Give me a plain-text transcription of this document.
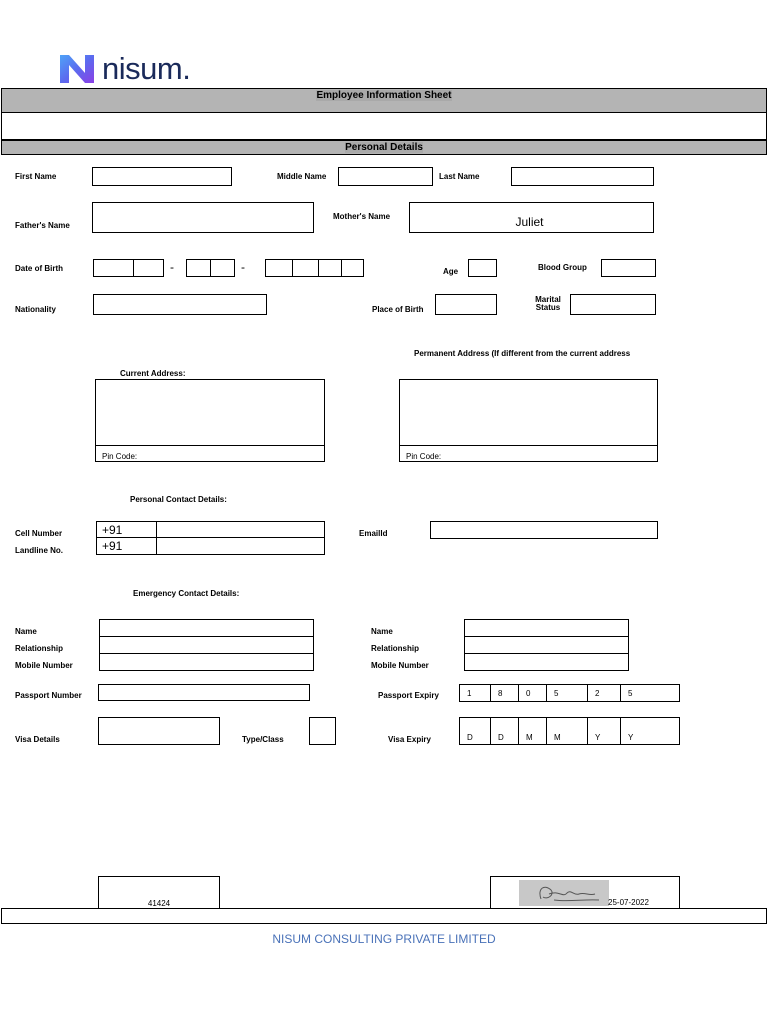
nisum.
Employee Information Sheet
Personal Details
First Name	Middle Name	Last Name
Father's Name
Mother's Name	Juliet
Date of Birth	-	-	Age	Blood Group
Nationality	Place of Birth
Marital Status
Permanent Address (If different from the current address
Current Address:
Pin Code:	Pin Code:
Personal Contact Details:
Cell Number	+91
Landline No.	+91
EmailId
Emergency Contact Details:
Name
Relationship
Mobile Number
Name
Relationship
Mobile Number
Passport Number	Passport Expiry	1	8	0	5	2	5
Visa Details	Type/Class	Visa Expiry	D	D	M	M	Y	Y
41424	25-07-2022
NISUM CONSULTING PRIVATE LIMITED
